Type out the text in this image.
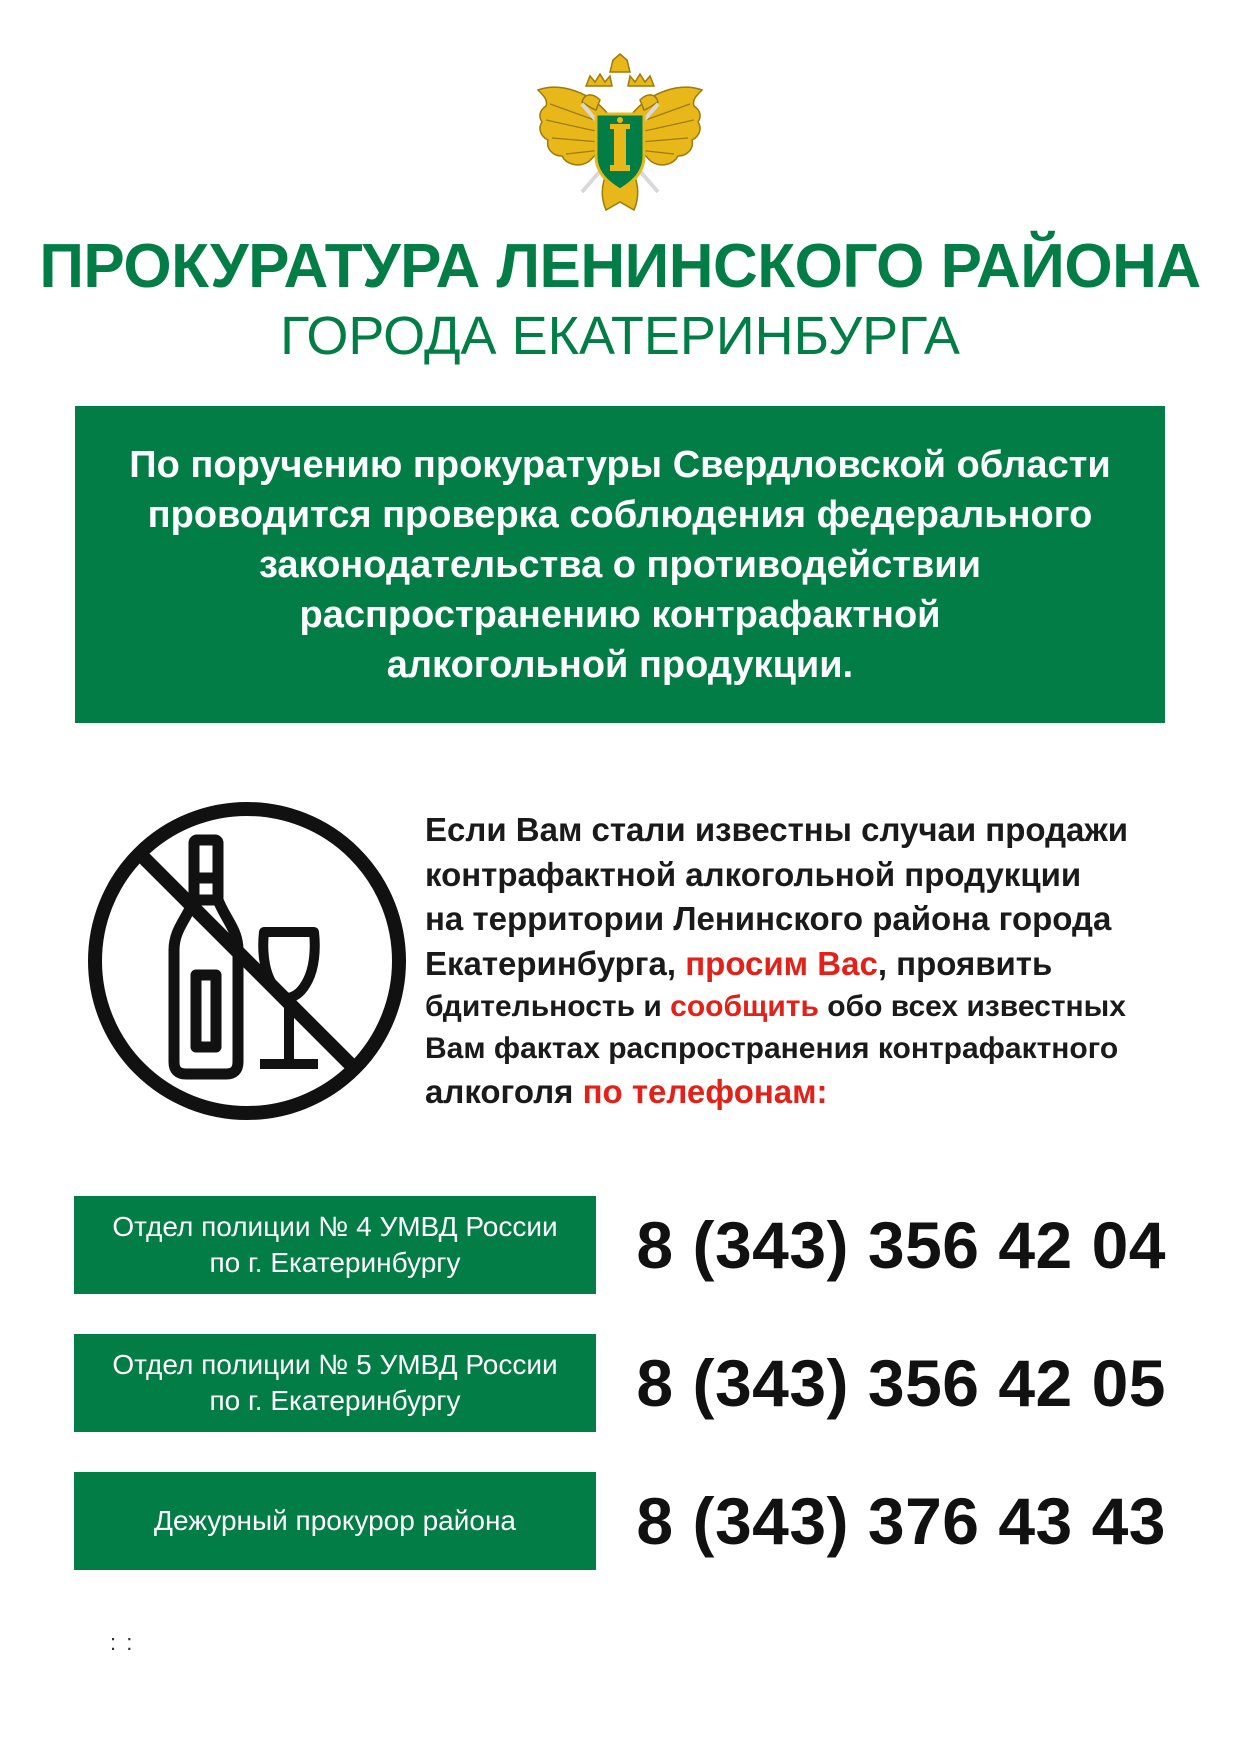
ПРОКУРАТУРА ЛЕНИНСКОГО РАЙОНА
ГОРОДА ЕКАТЕРИНБУРГА
По поручению прокуратуры Свердловской области
проводится проверка соблюдения федерального
законодательства о противодействии
распространению контрафактной
алкогольной продукции.
Если Вам стали известны случаи продажи
контрафактной алкогольной продукции
на территории Ленинского района города
Екатеринбурга, просим Вас, проявить
бдительность и сообщить обо всех известных
Вам фактах распространения контрафактного
алкоголя по телефонам:
Отдел полиции № 4 УМВД России
по г. Екатеринбургу	8 (343) 356 42 04
Отдел полиции № 5 УМВД России
по г. Екатеринбургу	8 (343) 356 42 05
Дежурный прокурор района 8 (343) 376 43 43
: :
